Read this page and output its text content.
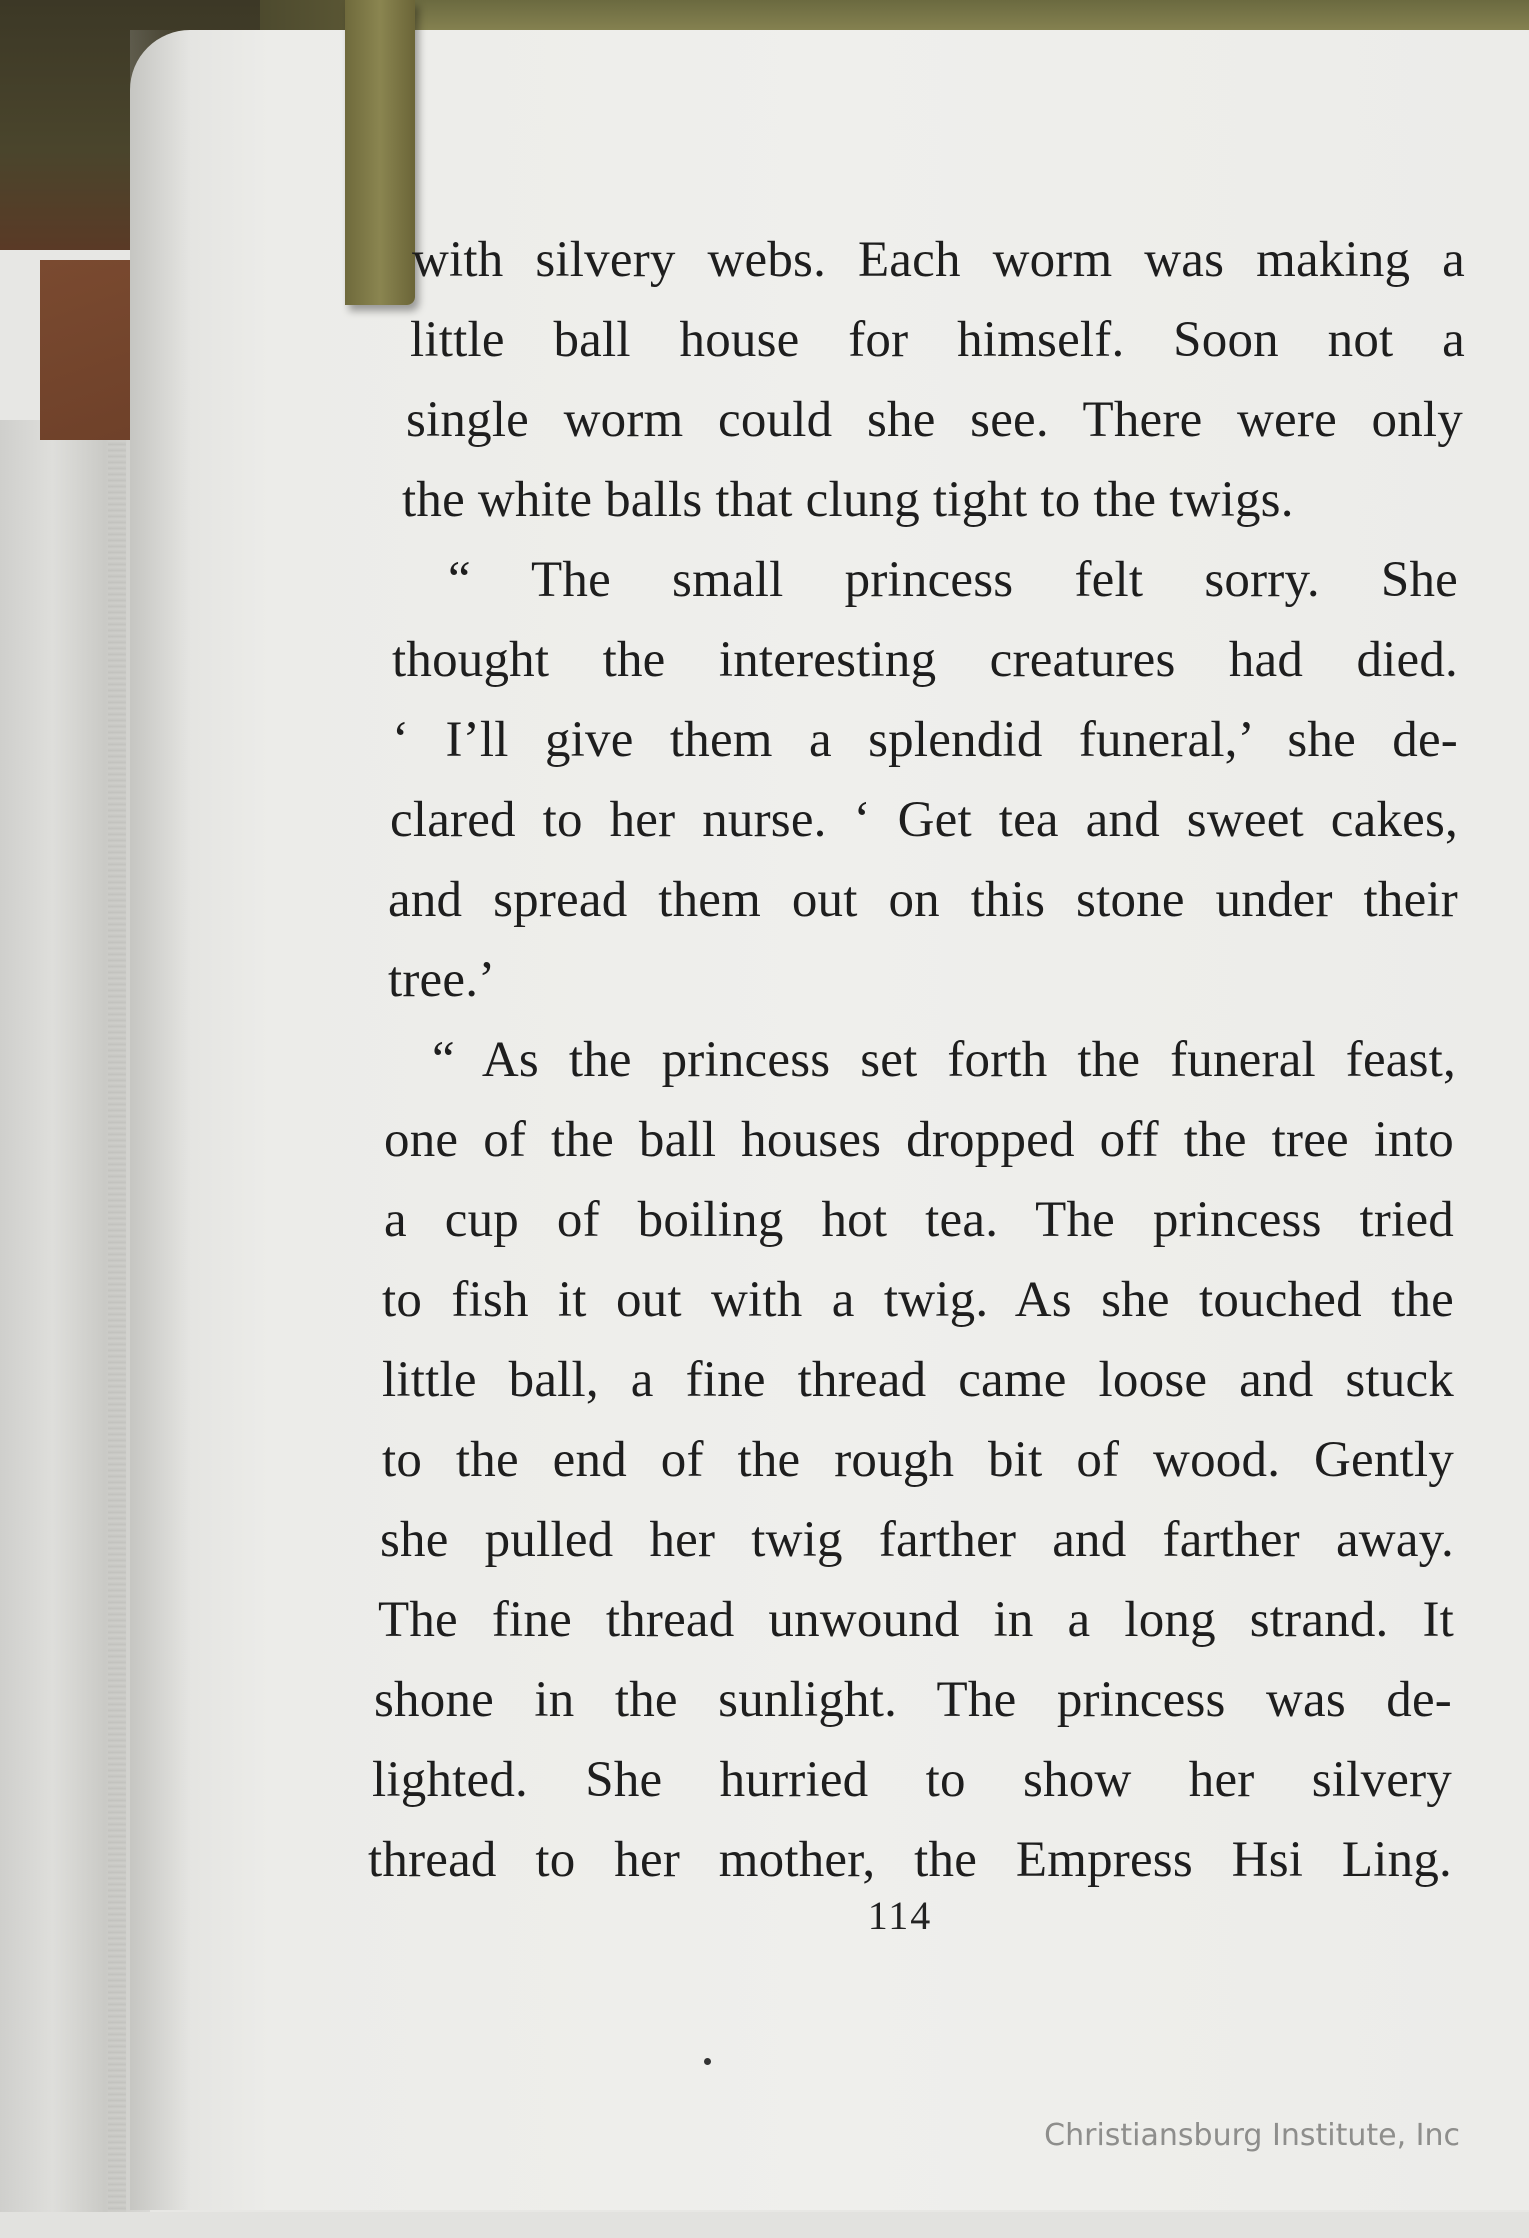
with silvery webs. Each worm was making a
little ball house for himself. Soon not a
single worm could she see. There were only
the white balls that clung tight to the twigs.
“ The small princess felt sorry. She
thought the interesting creatures had died.
‘ I’ll give them a splendid funeral,’ she de-
clared to her nurse. ‘ Get tea and sweet cakes,
and spread them out on this stone under their
tree.’
“ As the princess set forth the funeral feast,
one of the ball houses dropped off the tree into
a cup of boiling hot tea. The princess tried
to fish it out with a twig. As she touched the
little ball, a fine thread came loose and stuck
to the end of the rough bit of wood. Gently
she pulled her twig farther and farther away.
The fine thread unwound in a long strand. It
shone in the sunlight. The princess was de-
lighted. She hurried to show her silvery
thread to her mother, the Empress Hsi Ling.
114
Christiansburg Institute, Inc
